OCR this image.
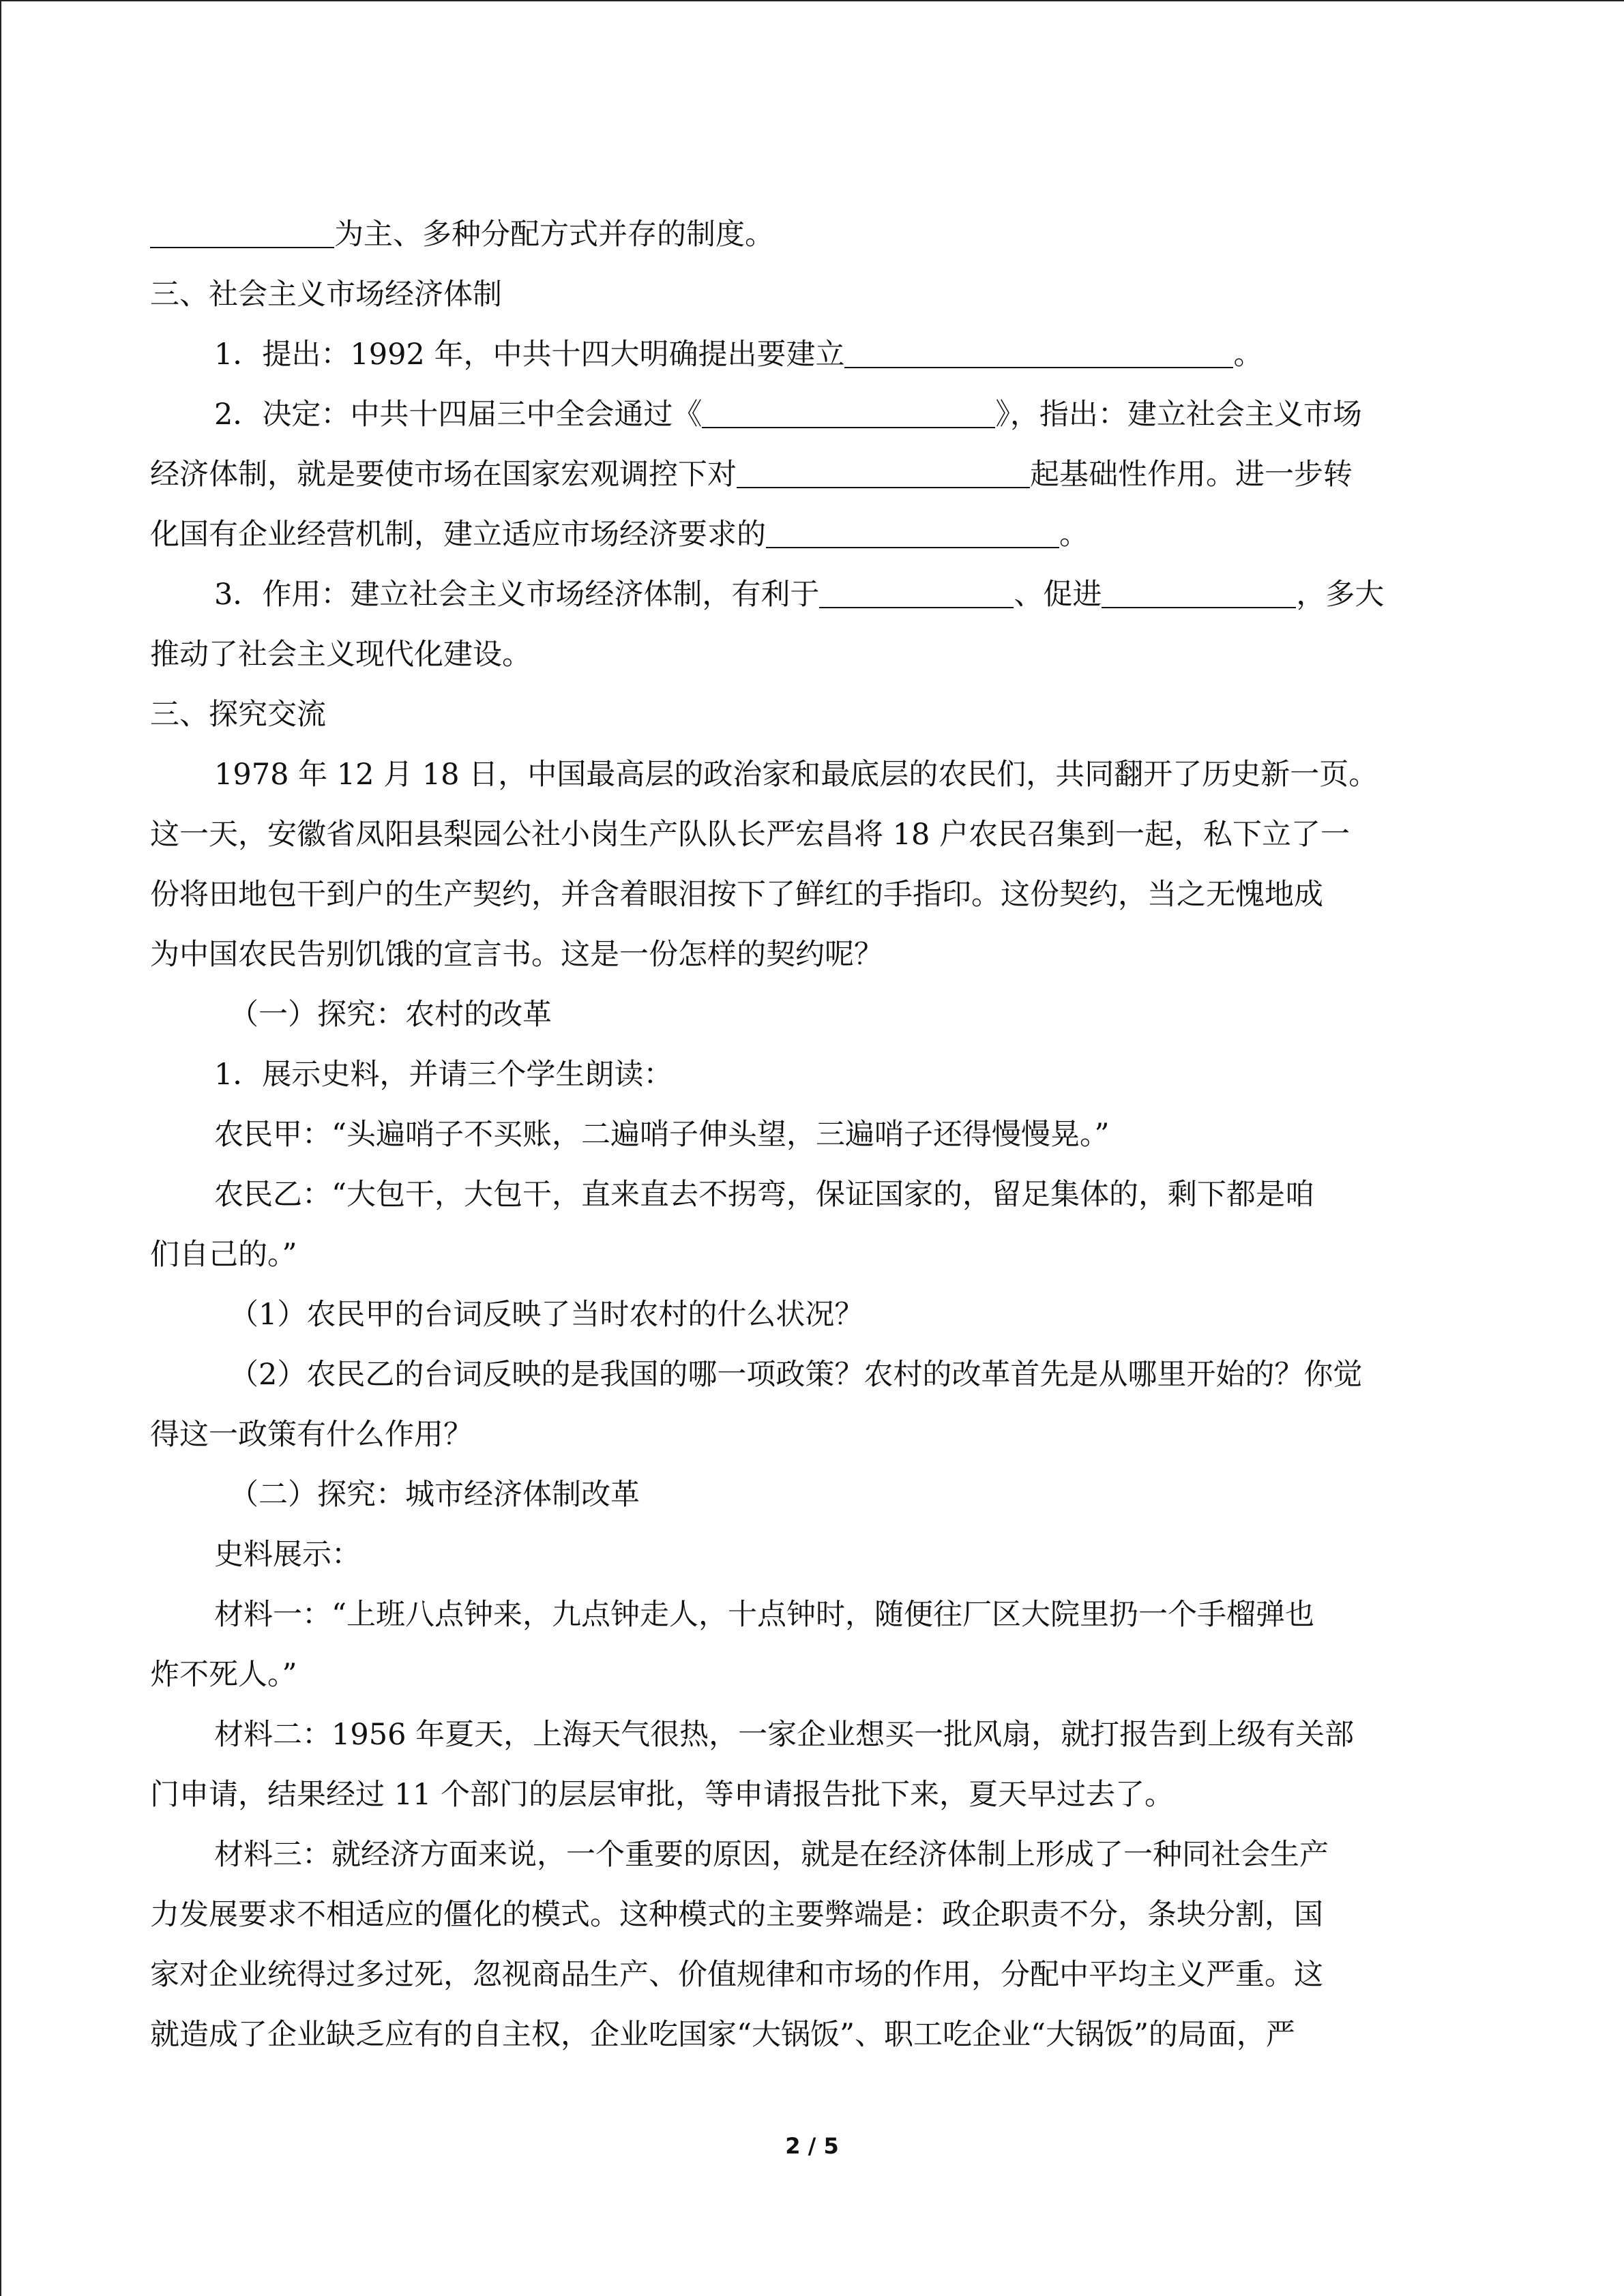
为主、多种分配方式并存的制度。

三、社会主义市场经济体制

1．提出：1992 年，中共十四大明确提出要建立	。

2．决定：中共十四届三中全会通过《	》，指出：建立社会主义市场

经济体制，就是要使市场在国家宏观调控下对	起基础性作用。进一步转

化国有企业经营机制，建立适应市场经济要求的	。

3．作用：建立社会主义市场经济体制，有利于	、促进	，多大

推动了社会主义现代化建设。

三、探究交流

1978 年 12 月 18 日，中国最高层的政治家和最底层的农民们，共同翻开了历史新一页。

这一天，安徽省凤阳县梨园公社小岗生产队队长严宏昌将 18 户农民召集到一起，私下立了一

份将田地包干到户的生产契约，并含着眼泪按下了鲜红的手指印。这份契约，当之无愧地成

为中国农民告别饥饿的宣言书。这是一份怎样的契约呢？

（一）探究：农村的改革

1．展示史料，并请三个学生朗读：

农民甲：“头遍哨子不买账，二遍哨子伸头望，三遍哨子还得慢慢晃。”

农民乙：“大包干，大包干，直来直去不拐弯，保证国家的，留足集体的，剩下都是咱

们自己的。”

（1）农民甲的台词反映了当时农村的什么状况？

（2）农民乙的台词反映的是我国的哪一项政策？农村的改革首先是从哪里开始的？你觉

得这一政策有什么作用？

（二）探究：城市经济体制改革

史料展示：

材料一：“上班八点钟来，九点钟走人，十点钟时，随便往厂区大院里扔一个手榴弹也

炸不死人。”

材料二：1956 年夏天，上海天气很热，一家企业想买一批风扇，就打报告到上级有关部

门申请，结果经过 11 个部门的层层审批，等申请报告批下来，夏天早过去了。

材料三：就经济方面来说，一个重要的原因，就是在经济体制上形成了一种同社会生产

力发展要求不相适应的僵化的模式。这种模式的主要弊端是：政企职责不分，条块分割，国

家对企业统得过多过死，忽视商品生产、价值规律和市场的作用，分配中平均主义严重。这

就造成了企业缺乏应有的自主权，企业吃国家“大锅饭”、职工吃企业“大锅饭”的局面，严

2 / 5
